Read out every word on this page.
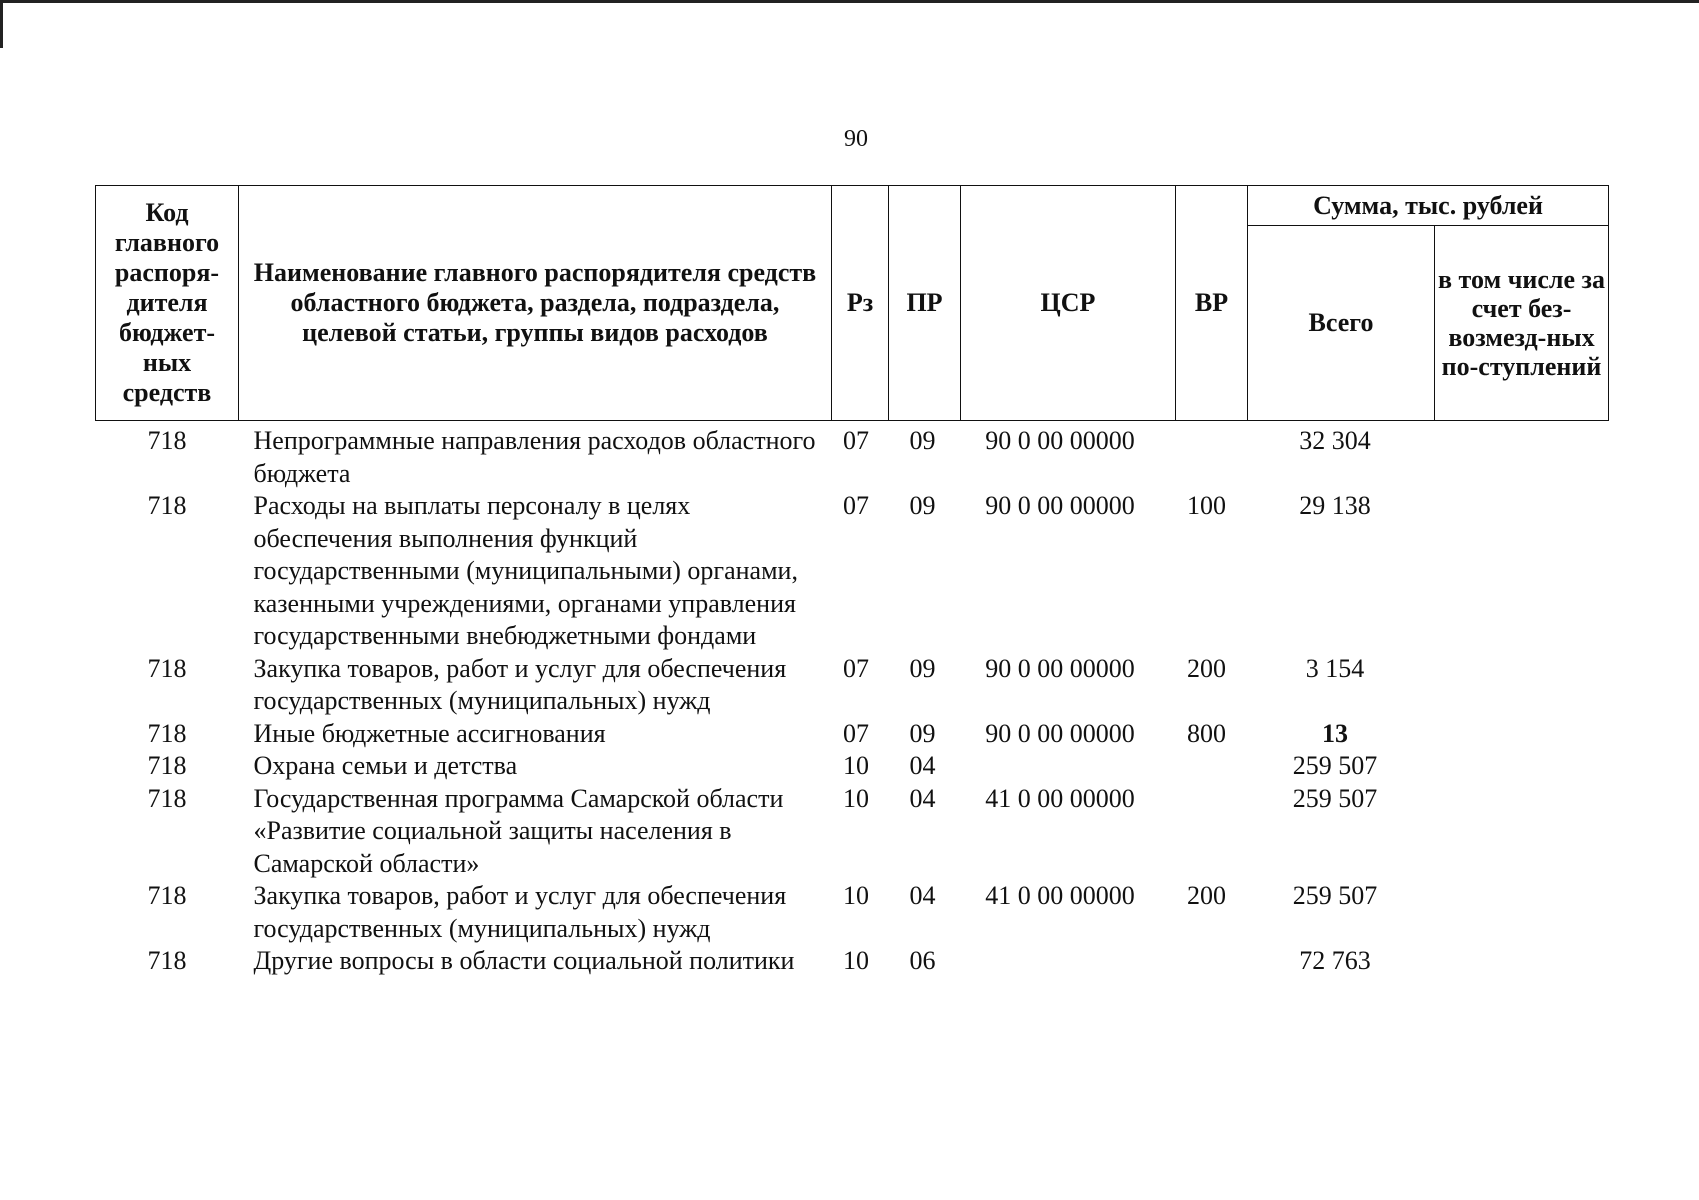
90
Код главного распоря-дителя бюджет-ных средств	Наименование главного распорядителя средств областного бюджета, раздела, подраздела, целевой статьи, группы видов расходов	Рз	ПР	ЦСР	ВР	Сумма, тыс. рублей	
						Всего	в том числе за счет без-возмезд-ных по-ступлений
718	Непрограммные направления расходов областного бюджета	07	09	90 0 00 00000		32 304	
718	Расходы на выплаты персоналу в целях обеспечения выполнения функций государственными (муниципальными) органами, казенными учреждениями, органами управления государственными внебюджетными фондами	07	09	90 0 00 00000	100	29 138	
718	Закупка товаров, работ и услуг для обеспечения государственных (муниципальных) нужд	07	09	90 0 00 00000	200	3 154	
718	Иные бюджетные ассигнования	07	09	90 0 00 00000	800	13	
718	Охрана семьи и детства	10	04			259 507	
718	Государственная программа Самарской области «Развитие социальной защиты населения в Самарской области»	10	04	41 0 00 00000		259 507	
718	Закупка товаров, работ и услуг для обеспечения государственных (муниципальных) нужд	10	04	41 0 00 00000	200	259 507	
718	Другие вопросы в области социальной политики	10	06			72 763	
